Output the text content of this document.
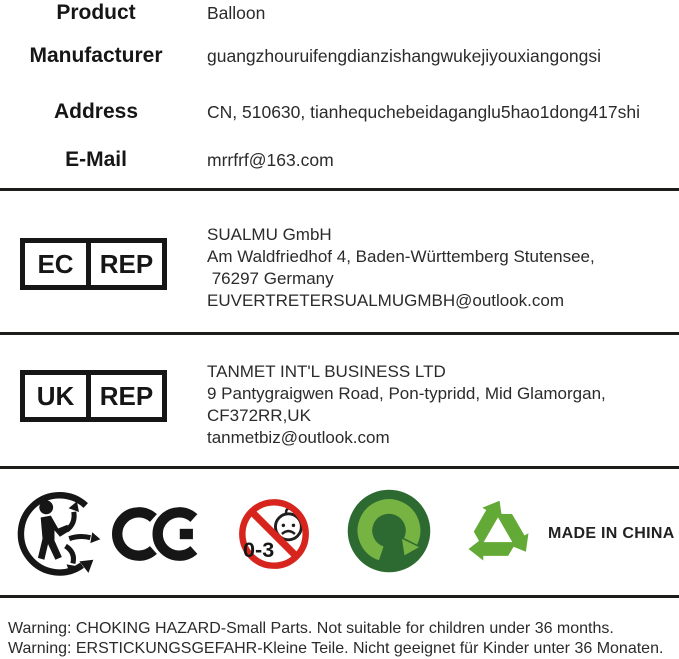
Product	Balloon
Manufacturer	guangzhouruifengdianzishangwukejiyouxiangongsi
Address	CN, 510630, tianhequchebeidaganglu5hao1dong417shi
E-Mail	mrrfrf@163.com
EC	REP
SUALMU GmbH
Am Waldfriedhof 4, Baden-Württemberg Stutensee,
76297 Germany
EUVERTRETERSUALMUGMBH@outlook.com
UK REP
TANMET INT'L BUSINESS LTD
9 Pantygraigwen Road, Pon-typridd, Mid Glamorgan,
CF372RR,UK
tanmetbiz@outlook.com
0-3
MADE IN CHINA
Warning: CHOKING HAZARD-Small Parts. Not suitable for children under 36 months.
Warning: ERSTICKUNGSGEFAHR-Kleine Teile. Nicht geeignet für Kinder unter 36 Monaten.
